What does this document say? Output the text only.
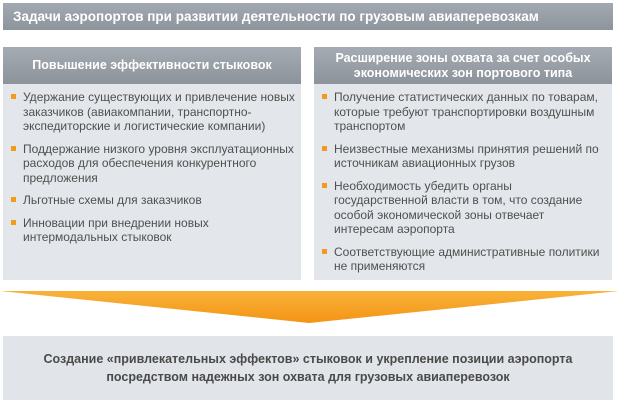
Задачи аэропортов при развитии деятельности по грузовым авиаперевозкам
Повышение эффективности стыковок
Удержание существующих и привлечение новых заказчиков (авиакомпании, транспортно-экспедиторские и логистические компании)
Поддержание низкого уровня эксплуатационных расходов для обеспечения конкурентного предложения
Льготные схемы для заказчиков
Инновации при внедрении новых интермодальных стыковок
Расширение зоны охвата за счет особых
экономических зон портового типа
Получение статистических данных по товарам, которые требуют транспортировки воздушным транспортом
Неизвестные механизмы принятия решений по источникам авиационных грузов
Необходимость убедить органы государственной власти в том, что создание особой экономической зоны отвечает интересам аэропорта
Соответствующие административные политики не применяются
Создание «привлекательных эффектов» стыковок и укрепление позиции аэропорта посредством надежных зон охвата для грузовых авиаперевозок
